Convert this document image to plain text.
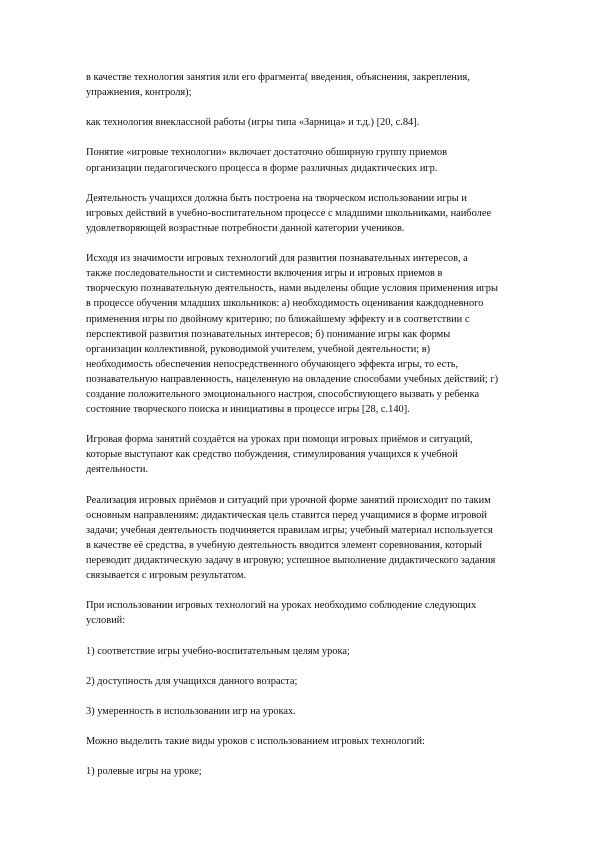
в качестве технология занятия или его фрагмента( введения, объяснения, закрепления,
упражнения, контроля);

как технология внеклассной работы (игры типа «Зарница» и т.д.) [20, с.84].

Понятие «игровые технологии» включает достаточно обширную группу приемов
организации педагогического процесса в форме различных дидактических игр.

Деятельность учащихся должна быть построена на творческом использовании игры и
игровых действий в учебно-воспитательном процессе с младшими школьниками, наиболее
удовлетворяющей возрастные потребности данной категории учеников.

Исходя из значимости игровых технологий для развития познавательных интересов, а
также последовательности и системности включения игры и игровых приемов в
творческую познавательную деятельность, нами выделены общие условия применения игры
в процессе обучения младших школьников: а) необходимость оценивания каждодневного
применения игры по двойному критерию; по ближайшему эффекту и в соответствии с
перспективой развития познавательных интересов; б) понимание игры как формы
организации коллективной, руководимой учителем, учебной деятельности; в)
необходимость обеспечения непосредственного обучающего эффекта игры, то есть,
познавательную направленность, нацеленную на овладение способами учебных действий; г)
создание положительного эмоционального настроя, способствующего вызвать у ребенка
состояние творческого поиска и инициативы в процессе игры [28, с.140].

Игровая форма занятий создаётся на уроках при помощи игровых приёмов и ситуаций,
которые выступают как средство побуждения, стимулирования учащихся к учебной
деятельности.

Реализация игровых приёмов и ситуаций при урочной форме занятий происходит по таким
основным направлениям: дидактическая цель ставится перед учащимися в форме игровой
задачи; учебная деятельность подчиняется правилам игры; учебный материал используется
в качестве её средства, в учебную деятельность вводится элемент соревнования, который
переводит дидактическую задачу в игровую; успешное выполнение дидактического задания
связывается с игровым результатом.

При использовании игровых технологий на уроках необходимо соблюдение следующих
условий:

1) соответствие игры учебно-воспитательным целям урока;

2) доступность для учащихся данного возраста;

3) умеренность в использовании игр на уроках.

Можно выделить такие виды уроков с использованием игровых технологий:

1) ролевые игры на уроке;
